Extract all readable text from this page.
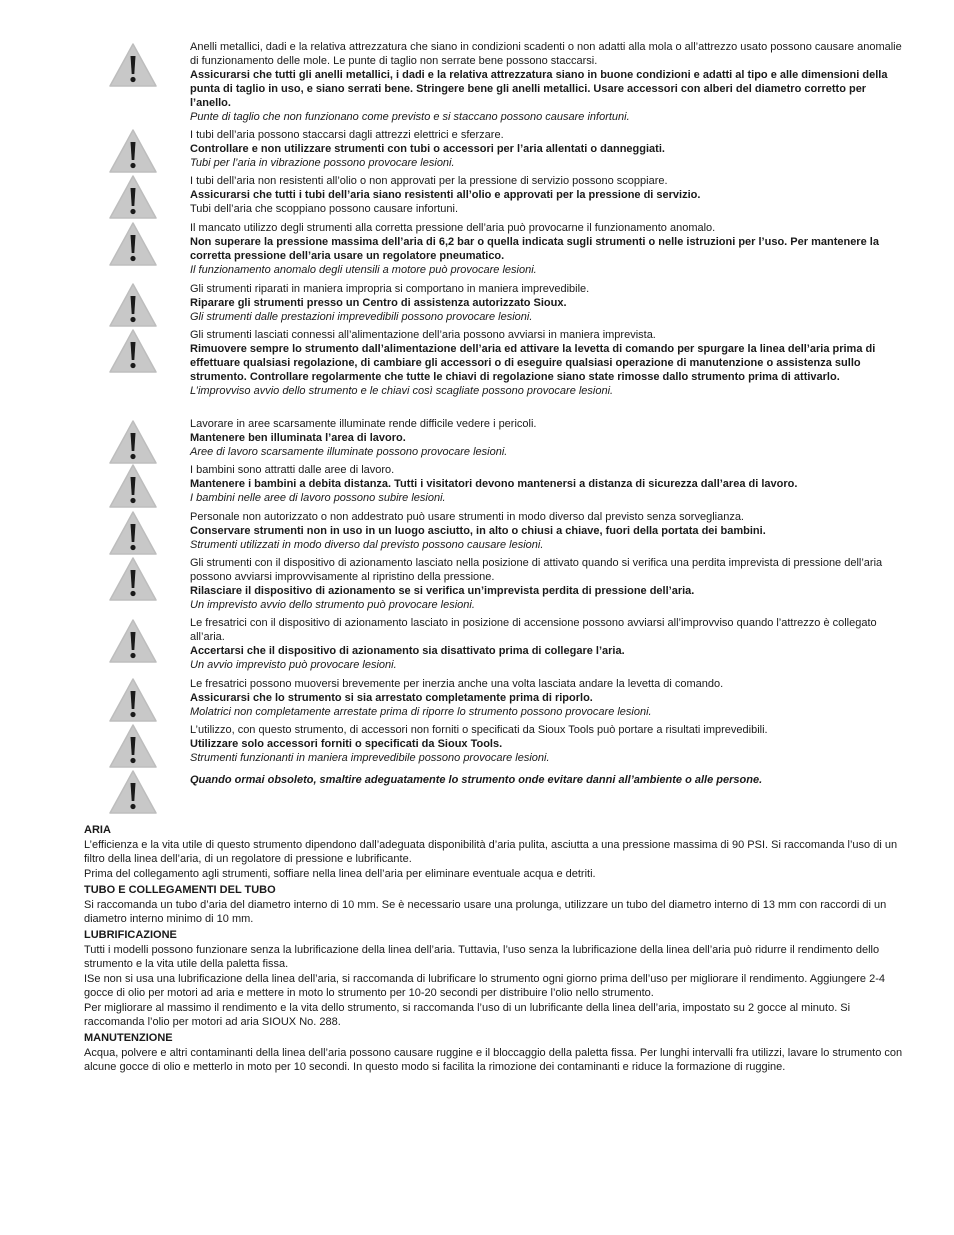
Anelli metallici, dadi e la relativa attrezzatura che siano in condizioni scadenti o non adatti alla mola o all’attrezzo usato possono causare anomalie di funzionamento delle mole. Le punte di taglio non serrate bene possono staccarsi.

Assicurarsi che tutti gli anelli metallici, i dadi e la relativa attrezzatura siano in buone condizioni e adatti al tipo e alle dimensioni della punta di taglio in uso, e siano serrati bene. Stringere bene gli anelli metallici. Usare accessori con alberi del diametro corretto per l’anello.

Punte di taglio che non funzionano come previsto e si staccano possono causare infortuni.

I tubi dell’aria possono staccarsi dagli attrezzi elettrici e sferzare.

Controllare e non utilizzare strumenti con tubi o accessori per l’aria allentati o danneggiati.

Tubi per l’aria in vibrazione possono provocare lesioni.

I tubi dell’aria non resistenti all’olio o non approvati per la pressione di servizio possono scoppiare.

Assicurarsi che tutti i tubi dell’aria siano resistenti all’olio e approvati per la pressione di servizio.

Tubi dell’aria che scoppiano possono causare infortuni.

Il mancato utilizzo degli strumenti alla corretta pressione dell’aria può provocarne il funzionamento anomalo.

Non superare la pressione massima dell’aria di 6,2 bar o quella indicata sugli strumenti o nelle istruzioni per l’uso. Per mantenere la corretta pressione dell’aria usare un regolatore pneumatico.

Il funzionamento anomalo degli utensili a motore può provocare lesioni.

Gli strumenti riparati in maniera impropria si comportano in maniera imprevedibile.

Riparare gli strumenti presso un Centro di assistenza autorizzato Sioux.

Gli strumenti dalle prestazioni imprevedibili possono provocare lesioni.

Gli strumenti lasciati connessi all’alimentazione dell’aria possono avviarsi in maniera imprevista.

Rimuovere sempre lo strumento dall’alimentazione dell’aria ed attivare la levetta di comando per spurgare la linea dell’aria prima di effettuare qualsiasi regolazione, di cambiare gli accessori o di eseguire qualsiasi operazione di manutenzione o assistenza sullo strumento. Controllare regolarmente che tutte le chiavi di regolazione siano state rimosse dallo strumento prima di attivarlo.

L’improvviso avvio dello strumento e le chiavi così scagliate possono provocare lesioni.

Lavorare in aree scarsamente illuminate rende difficile vedere i pericoli.

Mantenere ben illuminata l’area di lavoro.

Aree di lavoro scarsamente illuminate possono provocare lesioni.

I bambini sono attratti dalle aree di lavoro.

Mantenere i bambini a debita distanza. Tutti i visitatori devono mantenersi a distanza di sicurezza dall’area di lavoro.

I bambini nelle aree di lavoro possono subire lesioni.

Personale non autorizzato o non addestrato può usare strumenti in modo diverso dal previsto senza sorveglianza.

Conservare strumenti non in uso in un luogo asciutto, in alto o chiusi a chiave, fuori della portata dei bambini.

Strumenti utilizzati in modo diverso dal previsto possono causare lesioni.

Gli strumenti con il dispositivo di azionamento lasciato nella posizione di attivato quando si verifica una perdita imprevista di pressione dell’aria possono avviarsi improvvisamente al ripristino della pressione.

Rilasciare il dispositivo di azionamento se si verifica un’imprevista perdita di pressione dell’aria.

Un imprevisto avvio dello strumento può provocare lesioni.

Le fresatrici con il dispositivo di azionamento lasciato in posizione di accensione possono avviarsi all’improvviso quando l’attrezzo è collegato all’aria.

Accertarsi che il dispositivo di azionamento sia disattivato prima di collegare l’aria.

Un avvio imprevisto può provocare lesioni.

Le fresatrici possono muoversi brevemente per inerzia anche una volta lasciata andare la levetta di comando.

Assicurarsi che lo strumento si sia arrestato completamente prima di riporlo.

Molatrici non completamente arrestate prima di riporre lo strumento possono provocare lesioni.

L’utilizzo, con questo strumento, di accessori non forniti o specificati da Sioux Tools può portare a risultati imprevedibili.

Utilizzare solo accessori forniti o specificati da Sioux Tools.

Strumenti funzionanti in maniera imprevedibile possono provocare lesioni.

Quando ormai obsoleto, smaltire adeguatamente lo strumento onde evitare danni all’ambiente o alle persone.

ARIA

L’efficienza e la vita utile di questo strumento dipendono dall’adeguata disponibilità d’aria pulita, asciutta a una pressione massima di 90 PSI. Si raccomanda l’uso di un filtro della linea dell’aria, di un regolatore di pressione e lubrificante.

Prima del collegamento agli strumenti, soffiare nella linea dell’aria per eliminare eventuale acqua e detriti.

TUBO E COLLEGAMENTI DEL TUBO

Si raccomanda un tubo d’aria del diametro interno di 10 mm. Se è necessario usare una prolunga, utilizzare un tubo del diametro interno di 13 mm con raccordi di un diametro interno minimo di 10 mm.

LUBRIFICAZIONE

Tutti i modelli possono funzionare senza la lubrificazione della linea dell’aria. Tuttavia, l’uso senza la lubrificazione della linea dell’aria può ridurre il rendimento dello strumento e la vita utile della paletta fissa.

ISe non si usa una lubrificazione della linea dell’aria, si raccomanda di lubrificare lo strumento ogni giorno prima dell’uso per migliorare il rendimento. Aggiungere 2-4 gocce di olio per motori ad aria e mettere in moto lo strumento per 10-20 secondi per distribuire l’olio nello strumento.

Per migliorare al massimo il rendimento e la vita dello strumento, si raccomanda l’uso di un lubrificante della linea dell’aria, impostato su 2 gocce al minuto. Si raccomanda l’olio per motori ad aria SIOUX No. 288.

MANUTENZIONE

Acqua, polvere e altri contaminanti della linea dell’aria possono causare ruggine e il bloccaggio della paletta fissa. Per lunghi intervalli fra utilizzi, lavare lo strumento con alcune gocce di olio e metterlo in moto per 10 secondi. In questo modo si facilita la rimozione dei contaminanti e riduce la formazione di ruggine.
